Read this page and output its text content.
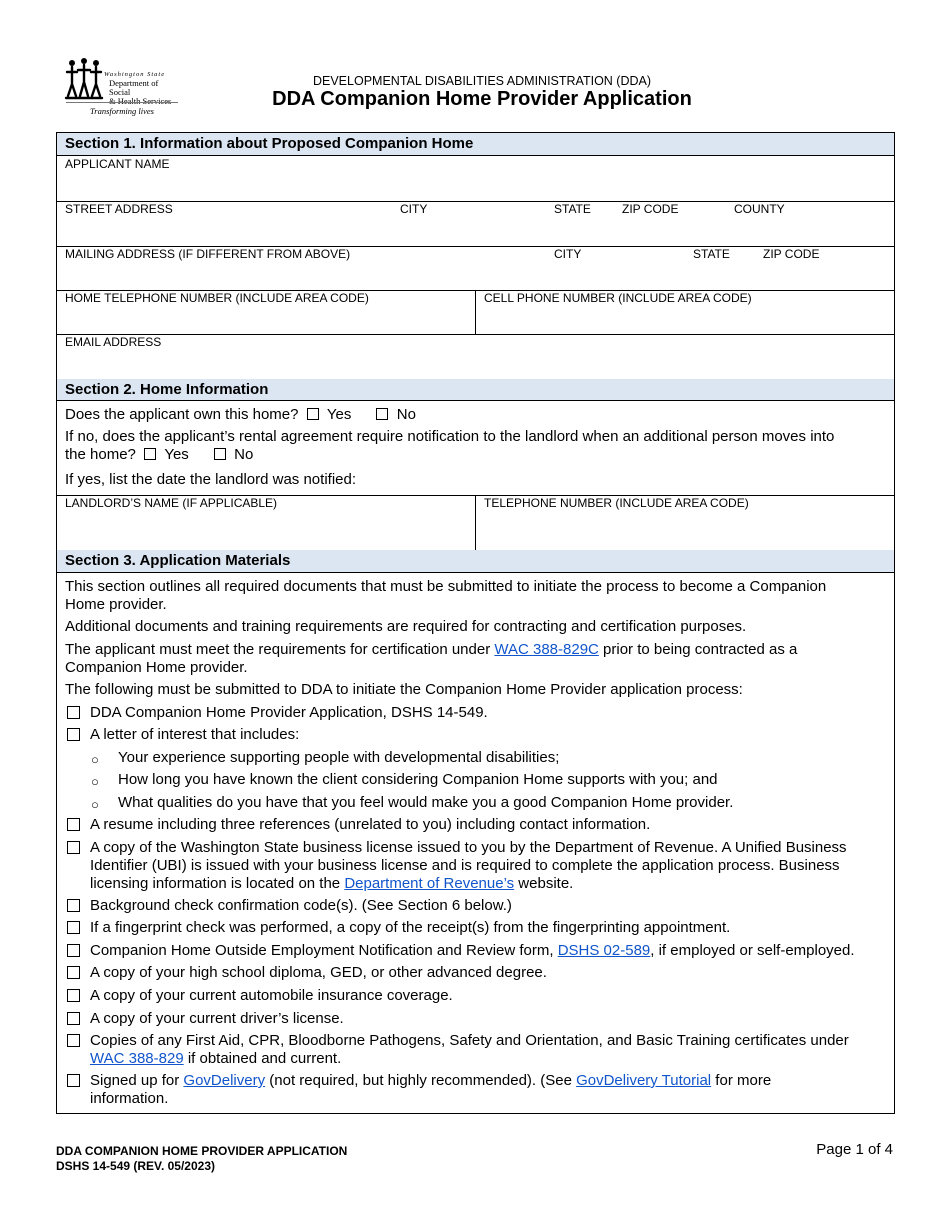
Washington State
Department of Social
& Health Services
Transforming lives
DEVELOPMENTAL DISABILITIES ADMINISTRATION (DDA)
DDA Companion Home Provider Application
Section 1. Information about Proposed Companion Home
APPLICANT NAME
STREET ADDRESS	CITY	STATE	ZIP CODE	COUNTY
MAILING ADDRESS (IF DIFFERENT FROM ABOVE)	CITY	STATE	ZIP CODE
HOME TELEPHONE NUMBER (INCLUDE AREA CODE)	CELL PHONE NUMBER (INCLUDE AREA CODE)
EMAIL ADDRESS
Section 2. Home Information
Does the applicant own this home? Yes	No
If no, does the applicant’s rental agreement require notification to the landlord when an additional person moves into
the home? Yes	No
If yes, list the date the landlord was notified:
LANDLORD’S NAME (IF APPLICABLE)	TELEPHONE NUMBER (INCLUDE AREA CODE)
Section 3. Application Materials
This section outlines all required documents that must be submitted to initiate the process to become a Companion
Home provider.
Additional documents and training requirements are required for contracting and certification purposes.
The applicant must meet the requirements for certification under WAC 388-829C prior to being contracted as a
Companion Home provider.
The following must be submitted to DDA to initiate the Companion Home Provider application process:
DDA Companion Home Provider Application, DSHS 14-549.
A letter of interest that includes:
○ Your experience supporting people with developmental disabilities;
○ How long you have known the client considering Companion Home supports with you; and
○ What qualities do you have that you feel would make you a good Companion Home provider.
A resume including three references (unrelated to you) including contact information.
A copy of the Washington State business license issued to you by the Department of Revenue. A Unified Business
Identifier (UBI) is issued with your business license and is required to complete the application process. Business
licensing information is located on the Department of Revenue’s website.
Background check confirmation code(s). (See Section 6 below.)
If a fingerprint check was performed, a copy of the receipt(s) from the fingerprinting appointment.
Companion Home Outside Employment Notification and Review form, DSHS 02-589, if employed or self-employed.
A copy of your high school diploma, GED, or other advanced degree.
A copy of your current automobile insurance coverage.
A copy of your current driver’s license.
Copies of any First Aid, CPR, Bloodborne Pathogens, Safety and Orientation, and Basic Training certificates under
WAC 388-829 if obtained and current.
Signed up for GovDelivery (not required, but highly recommended). (See GovDelivery Tutorial for more
information.
DDA COMPANION HOME PROVIDER APPLICATION
DSHS 14-549 (REV. 05/2023)
Page 1 of 4
